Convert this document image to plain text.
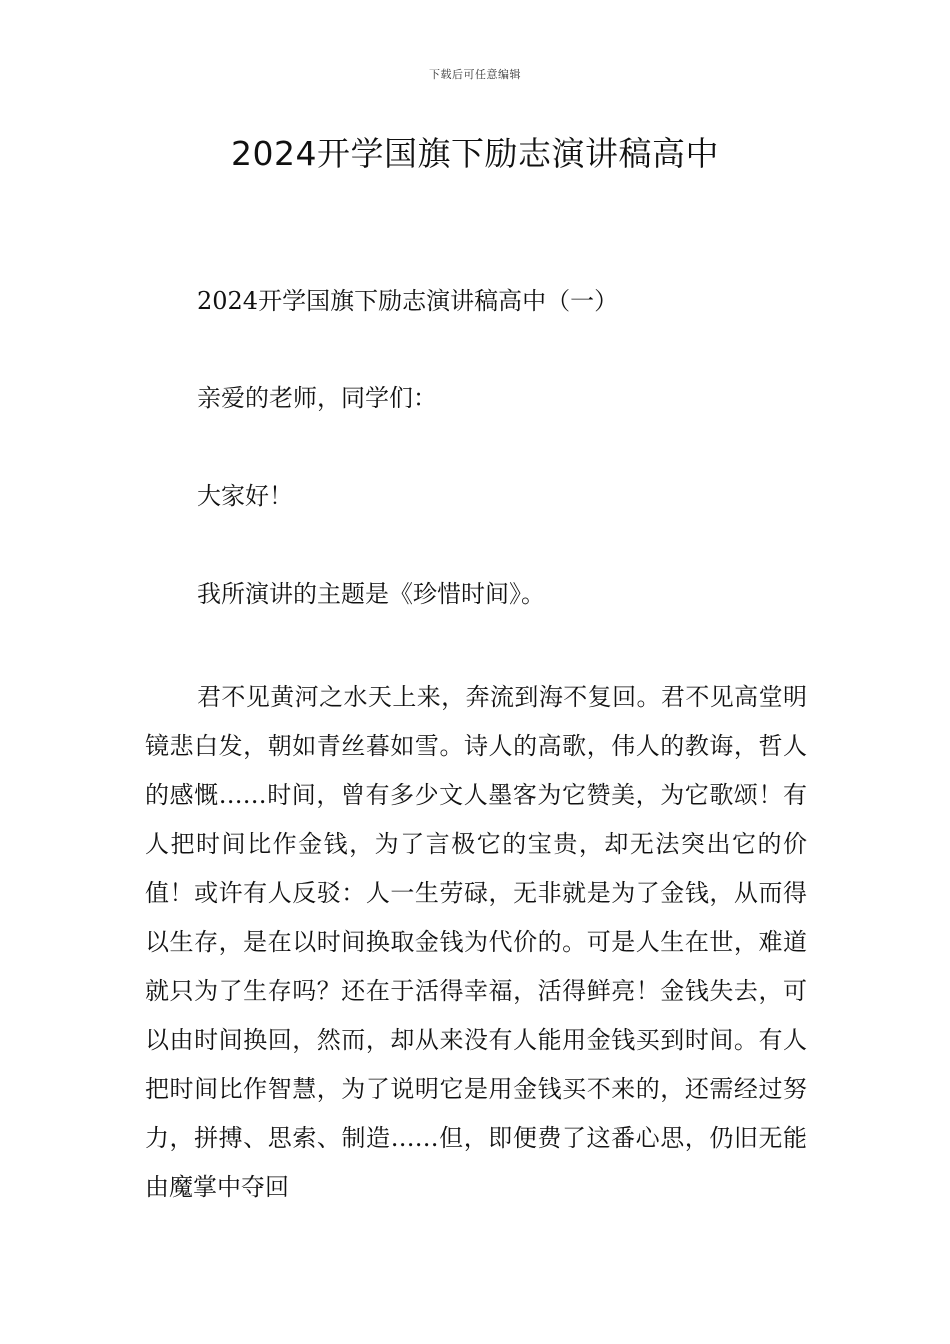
下载后可任意编辑
2024开学国旗下励志演讲稿高中

2024开学国旗下励志演讲稿高中（一）

亲爱的老师，同学们：

大家好！

我所演讲的主题是《珍惜时间》。

君不见黄河之水天上来，奔流到海不复回。君不见高堂明镜悲白发，朝如青丝暮如雪。诗人的高歌，伟人的教诲，哲人的感慨……时间，曾有多少文人墨客为它赞美，为它歌颂！有人把时间比作金钱，为了言极它的宝贵，却无法突出它的价值！或许有人反驳：人一生劳碌，无非就是为了金钱，从而得以生存，是在以时间换取金钱为代价的。可是人生在世，难道就只为了生存吗？还在于活得幸福，活得鲜亮！金钱失去，可以由时间换回，然而，却从来没有人能用金钱买到时间。有人把时间比作智慧，为了说明它是用金钱买不来的，还需经过努力，拼搏、思索、制造……但，即便费了这番心思，仍旧无能由魔掌中夺回
